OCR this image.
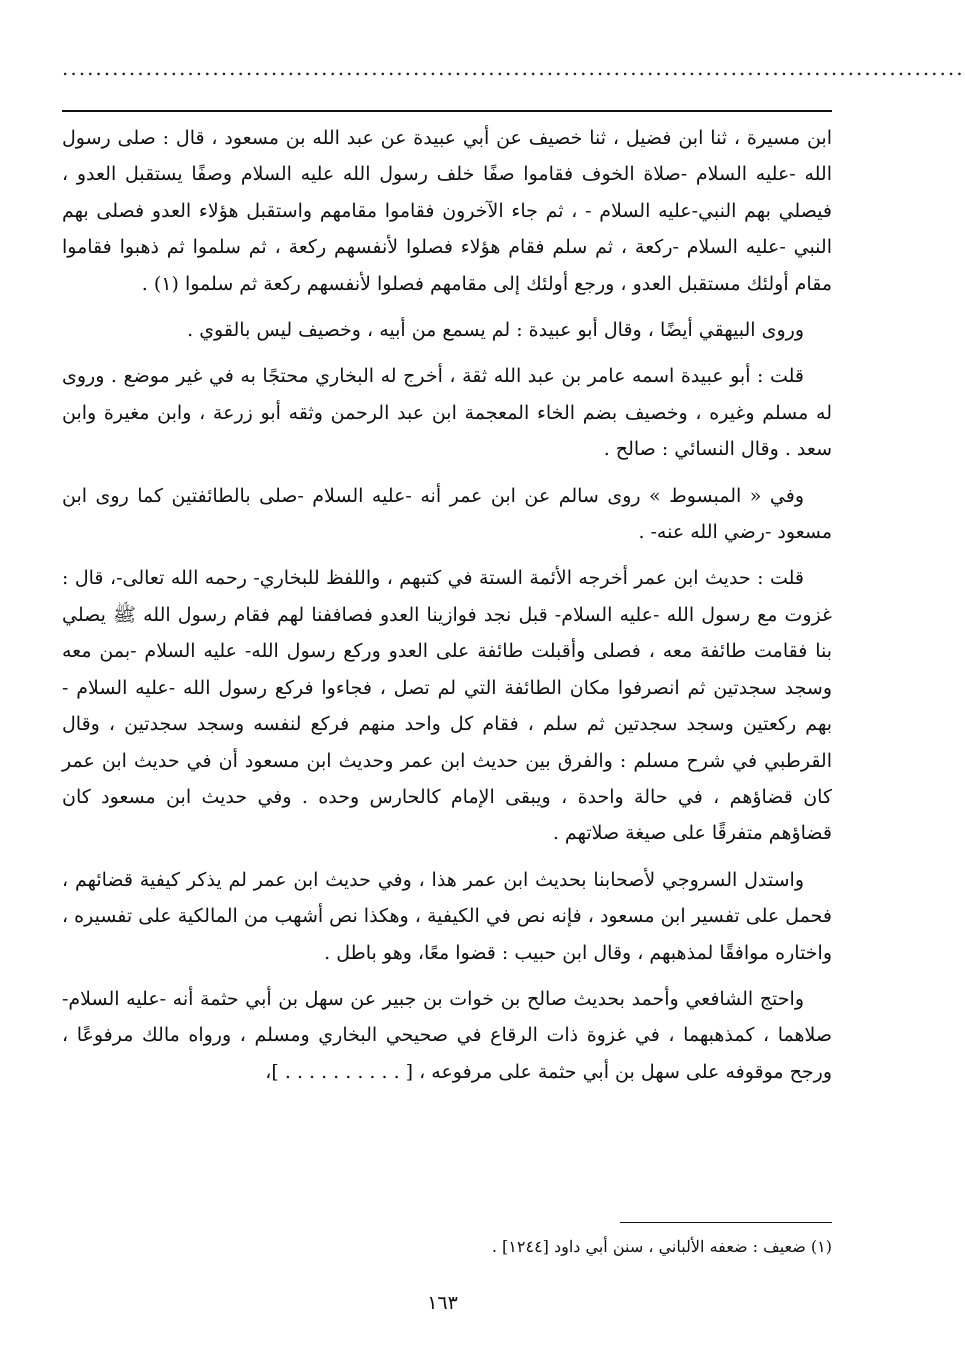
............................................................................................................

ابن مسيرة ، ثنا ابن فضيل ، ثنا خصيف عن أبي عبيدة عن عبد الله بن مسعود ، قال : صلى رسول الله -عليه السلام -صلاة الخوف فقاموا صفًا خلف رسول الله عليه السلام وصفًا يستقبل العدو ، فيصلي بهم النبي-عليه السلام - ، ثم جاء الآخرون فقاموا مقامهم واستقبل هؤلاء العدو فصلى بهم النبي -عليه السلام -ركعة ، ثم سلم فقام هؤلاء فصلوا لأنفسهم ركعة ، ثم سلموا ثم ذهبوا فقاموا مقام أولئك مستقبل العدو ، ورجع أولئك إلى مقامهم فصلوا لأنفسهم ركعة ثم سلموا (١) .

وروى البيهقي أيضًا ، وقال أبو عبيدة : لم يسمع من أبيه ، وخصيف ليس بالقوي .

قلت : أبو عبيدة اسمه عامر بن عبد الله ثقة ، أخرج له البخاري محتجًا به في غير موضع . وروى له مسلم وغيره ، وخصيف بضم الخاء المعجمة ابن عبد الرحمن وثقه أبو زرعة ، وابن مغيرة وابن سعد . وقال النسائي : صالح .

وفي « المبسوط » روى سالم عن ابن عمر أنه -عليه السلام -صلى بالطائفتين كما روى ابن مسعود -رضي الله عنه- .

قلت : حديث ابن عمر أخرجه الأئمة الستة في كتبهم ، واللفظ للبخاري- رحمه الله تعالى-، قال : غزوت مع رسول الله -عليه السلام- قبل نجد فوازينا العدو فصاففنا لهم فقام رسول الله ﷺ يصلي بنا فقامت طائفة معه ، فصلى وأقبلت طائفة على العدو وركع رسول الله- عليه السلام -بمن معه وسجد سجدتين ثم انصرفوا مكان الطائفة التي لم تصل ، فجاءوا فركع رسول الله -عليه السلام - بهم ركعتين وسجد سجدتين ثم سلم ، فقام كل واحد منهم فركع لنفسه وسجد سجدتين ، وقال القرطبي في شرح مسلم : والفرق بين حديث ابن عمر وحديث ابن مسعود أن في حديث ابن عمر كان قضاؤهم ، في حالة واحدة ، ويبقى الإمام كالحارس وحده . وفي حديث ابن مسعود كان قضاؤهم متفرقًا على صيغة صلاتهم .

واستدل السروجي لأصحابنا بحديث ابن عمر هذا ، وفي حديث ابن عمر لم يذكر كيفية قضائهم ، فحمل على تفسير ابن مسعود ، فإنه نص في الكيفية ، وهكذا نص أشهب من المالكية على تفسيره ، واختاره موافقًا لمذهبهم ، وقال ابن حبيب : قضوا معًا، وهو باطل .

واحتج الشافعي وأحمد بحديث صالح بن خوات بن جبير عن سهل بن أبي حثمة أنه -عليه السلام- صلاهما ، كمذهبهما ، في غزوة ذات الرقاع في صحيحي البخاري ومسلم ، ورواه مالك مرفوعًا ، ورجح موقوفه على سهل بن أبي حثمة على مرفوعه ، [ . . . . . . . . . . ]،

(١) ضعيف : ضعفه الألباني ، سنن أبي داود [١٢٤٤] .
١٦٣
